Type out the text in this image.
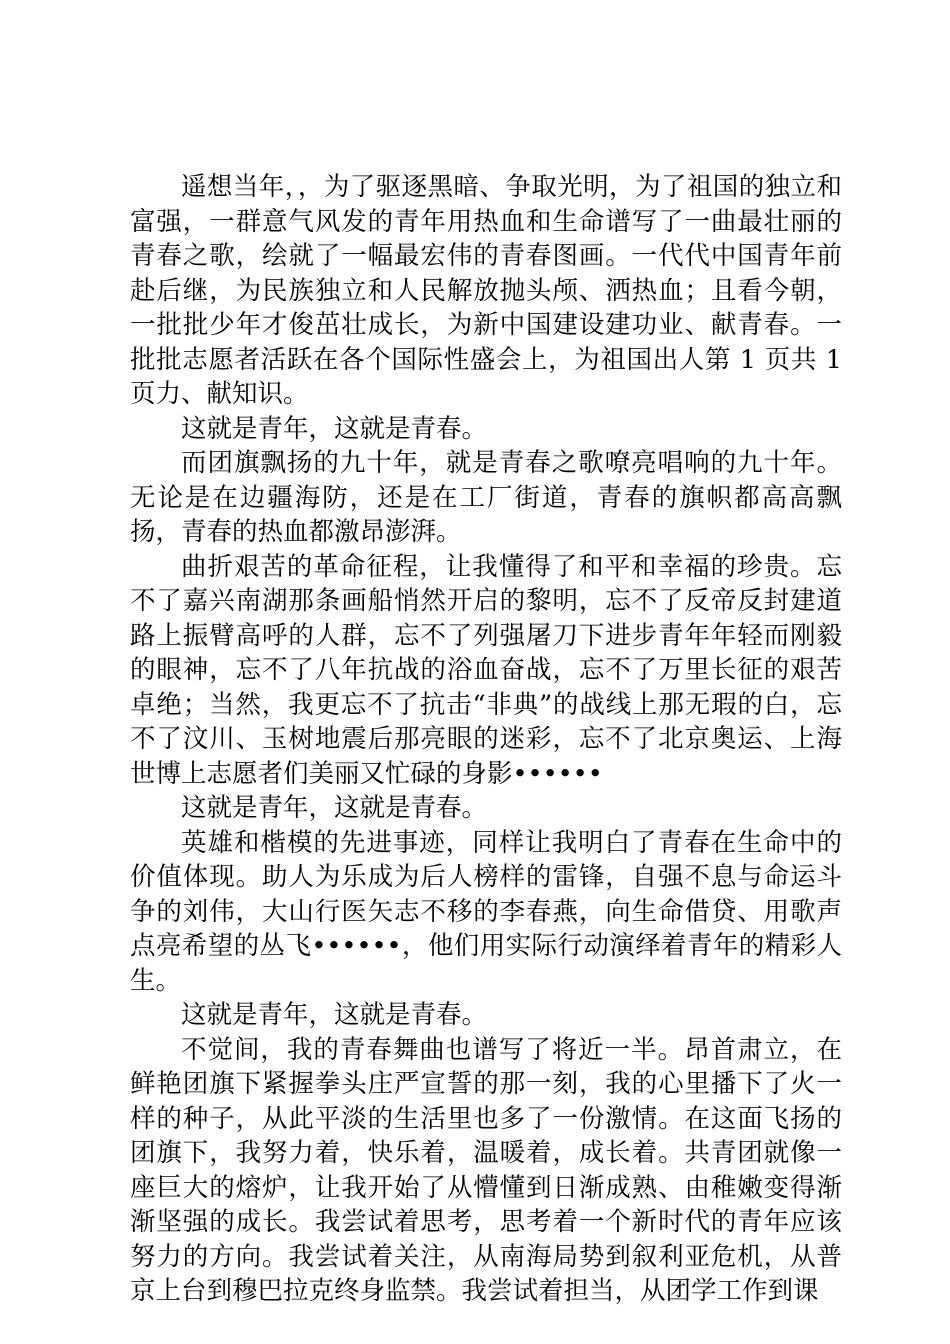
遥想当年，，为了驱逐黑暗、争取光明，为了祖国的独立和富强，一群意气风发的青年用热血和生命谱写了一曲最壮丽的青春之歌，绘就了一幅最宏伟的青春图画。一代代中国青年前赴后继，为民族独立和人民解放抛头颅、洒热血；且看今朝，一批批少年才俊茁壮成长，为新中国建设建功业、献青春。一批批志愿者活跃在各个国际性盛会上，为祖国出人第 1 页共 1 页力、献知识。

这就是青年，这就是青春。

而团旗飘扬的九十年，就是青春之歌嘹亮唱响的九十年。无论是在边疆海防，还是在工厂街道，青春的旗帜都高高飘扬，青春的热血都激昂澎湃。

曲折艰苦的革命征程，让我懂得了和平和幸福的珍贵。忘不了嘉兴南湖那条画船悄然开启的黎明，忘不了反帝反封建道路上振臂高呼的人群，忘不了列强屠刀下进步青年年轻而刚毅的眼神，忘不了八年抗战的浴血奋战，忘不了万里长征的艰苦卓绝；当然，我更忘不了抗击“非典”的战线上那无瑕的白，忘不了汶川、玉树地震后那亮眼的迷彩，忘不了北京奥运、上海世博上志愿者们美丽又忙碌的身影••••••

这就是青年，这就是青春。

英雄和楷模的先进事迹，同样让我明白了青春在生命中的价值体现。助人为乐成为后人榜样的雷锋，自强不息与命运斗争的刘伟，大山行医矢志不移的李春燕，向生命借贷、用歌声点亮希望的丛飞••••••，他们用实际行动演绎着青年的精彩人生。

这就是青年，这就是青春。

不觉间，我的青春舞曲也谱写了将近一半。昂首肃立，在鲜艳团旗下紧握拳头庄严宣誓的那一刻，我的心里播下了火一样的种子，从此平淡的生活里也多了一份激情。在这面飞扬的团旗下，我努力着，快乐着，温暖着，成长着。共青团就像一座巨大的熔炉，让我开始了从懵懂到日渐成熟、由稚嫩变得渐渐坚强的成长。我尝试着思考，思考着一个新时代的青年应该努力的方向。我尝试着关注，从南海局势到叙利亚危机，从普京上台到穆巴拉克终身监禁。我尝试着担当，从团学工作到课
